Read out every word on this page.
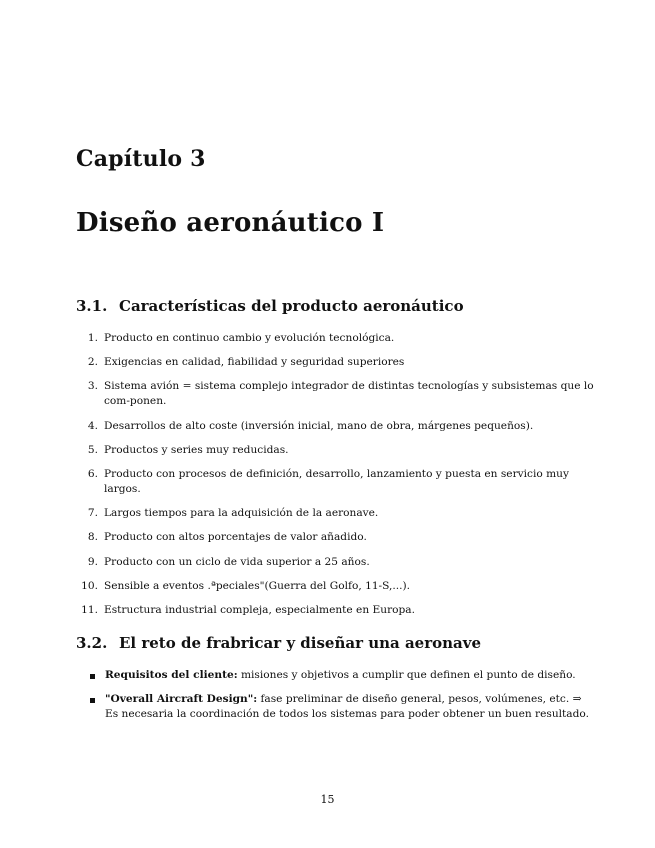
Capítulo 3
Diseño aeronáutico I
3.1. Características del producto aeronáutico
1. Producto en continuo cambio y evolución tecnológica.
2. Exigencias en calidad, fiabilidad y seguridad superiores
3. Sistema avión = sistema complejo integrador de distintas tecnologías y subsistemas que lo com-ponen.
4. Desarrollos de alto coste (inversión inicial, mano de obra, márgenes pequeños).
5. Productos y series muy reducidas.
6. Producto con procesos de definición, desarrollo, lanzamiento y puesta en servicio muy largos.
7. Largos tiempos para la adquisición de la aeronave.
8. Producto con altos porcentajes de valor añadido.
9. Producto con un ciclo de vida superior a 25 años.
10. Sensible a eventos .ªpeciales"(Guerra del Golfo, 11-S,...).
11. Estructura industrial compleja, especialmente en Europa.
3.2. El reto de frabricar y diseñar una aeronave
Requisitos del cliente: misiones y objetivos a cumplir que definen el punto de diseño.
"Overall Aircraft Design": fase preliminar de diseño general, pesos, volúmenes, etc. ⇒ Es necesaria la coordinación de todos los sistemas para poder obtener un buen resultado.
15
